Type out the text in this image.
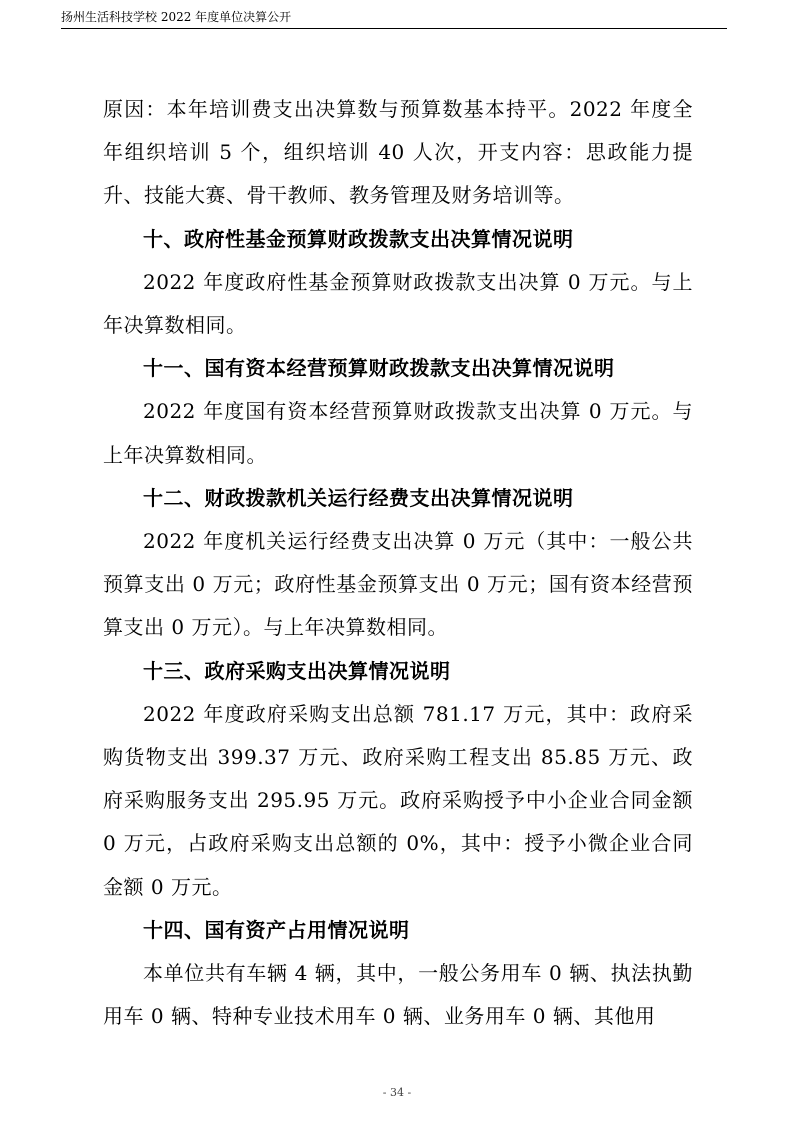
扬州生活科技学校 2022 年度单位决算公开

原因：本年培训费支出决算数与预算数基本持平。2022 年度全年组织培训 5 个，组织培训 40 人次，开支内容：思政能力提升、技能大赛、骨干教师、教务管理及财务培训等。

十、政府性基金预算财政拨款支出决算情况说明

2022 年度政府性基金预算财政拨款支出决算 0 万元。与上年决算数相同。

十一、国有资本经营预算财政拨款支出决算情况说明

2022 年度国有资本经营预算财政拨款支出决算 0 万元。与上年决算数相同。

十二、财政拨款机关运行经费支出决算情况说明

2022 年度机关运行经费支出决算 0 万元（其中：一般公共预算支出 0 万元；政府性基金预算支出 0 万元；国有资本经营预算支出 0 万元）。与上年决算数相同。

十三、政府采购支出决算情况说明

2022 年度政府采购支出总额 781.17 万元，其中：政府采购货物支出 399.37 万元、政府采购工程支出 85.85 万元、政府采购服务支出 295.95 万元。政府采购授予中小企业合同金额 0 万元，占政府采购支出总额的 0%，其中：授予小微企业合同金额 0 万元。

十四、国有资产占用情况说明

本单位共有车辆 4 辆，其中，一般公务用车 0 辆、执法执勤用车 0 辆、特种专业技术用车 0 辆、业务用车 0 辆、其他用

- 34 -
